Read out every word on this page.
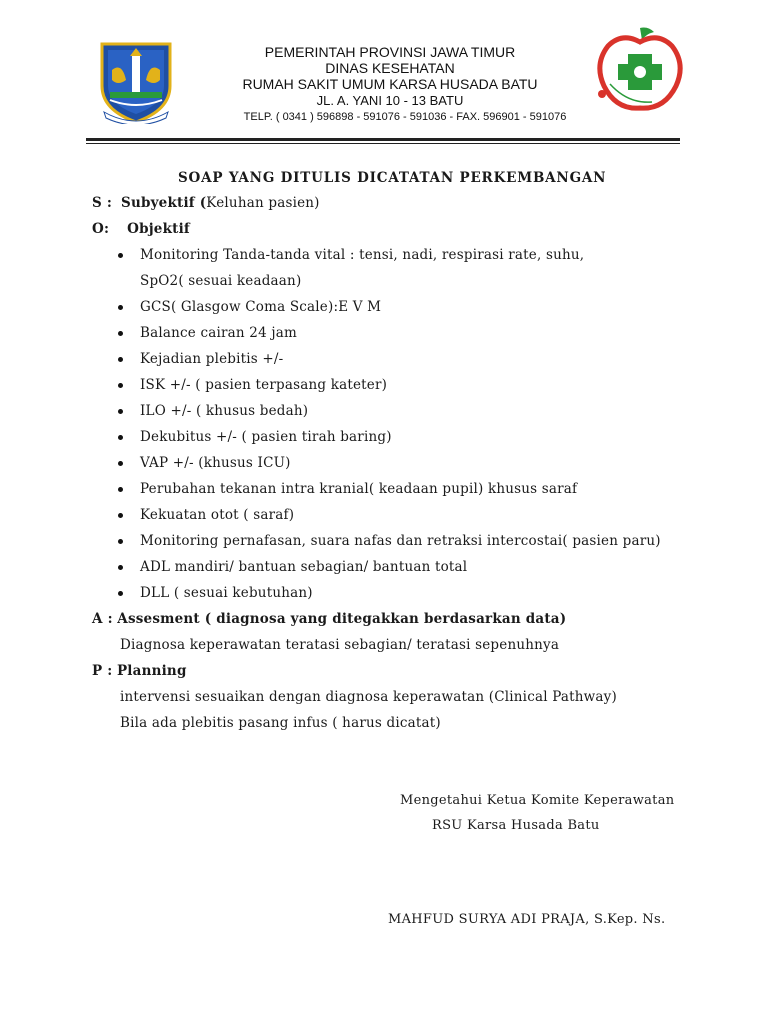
PEMERINTAH PROVINSI JAWA TIMUR
DINAS KESEHATAN
RUMAH SAKIT UMUM KARSA HUSADA BATU
JL. A. YANI 10 - 13 BATU
TELP. ( 0341 ) 596898 - 591076 - 591036 - FAX. 596901 - 591076
SOAP YANG DITULIS DICATATAN PERKEMBANGAN
S : Subyektif (Keluhan pasien)
O: Objektif
Monitoring Tanda-tanda vital : tensi, nadi, respirasi rate, suhu, SpO2( sesuai keadaan)
GCS( Glasgow Coma Scale):E V M
Balance cairan 24 jam
Kejadian plebitis +/-
ISK +/- ( pasien terpasang kateter)
ILO +/- ( khusus bedah)
Dekubitus +/- ( pasien tirah baring)
VAP +/- (khusus ICU)
Perubahan tekanan intra kranial( keadaan pupil) khusus saraf
Kekuatan otot ( saraf)
Monitoring pernafasan, suara nafas dan retraksi intercostai( pasien paru)
ADL mandiri/ bantuan sebagian/ bantuan total
DLL ( sesuai kebutuhan)
A : Assesment ( diagnosa yang ditegakkan berdasarkan data)
Diagnosa keperawatan teratasi sebagian/ teratasi sepenuhnya
P : Planning
intervensi sesuaikan dengan diagnosa keperawatan (Clinical Pathway)
Bila ada plebitis pasang infus ( harus dicatat)
Mengetahui Ketua Komite Keperawatan
RSU Karsa Husada Batu
MAHFUD SURYA ADI PRAJA, S.Kep. Ns.
